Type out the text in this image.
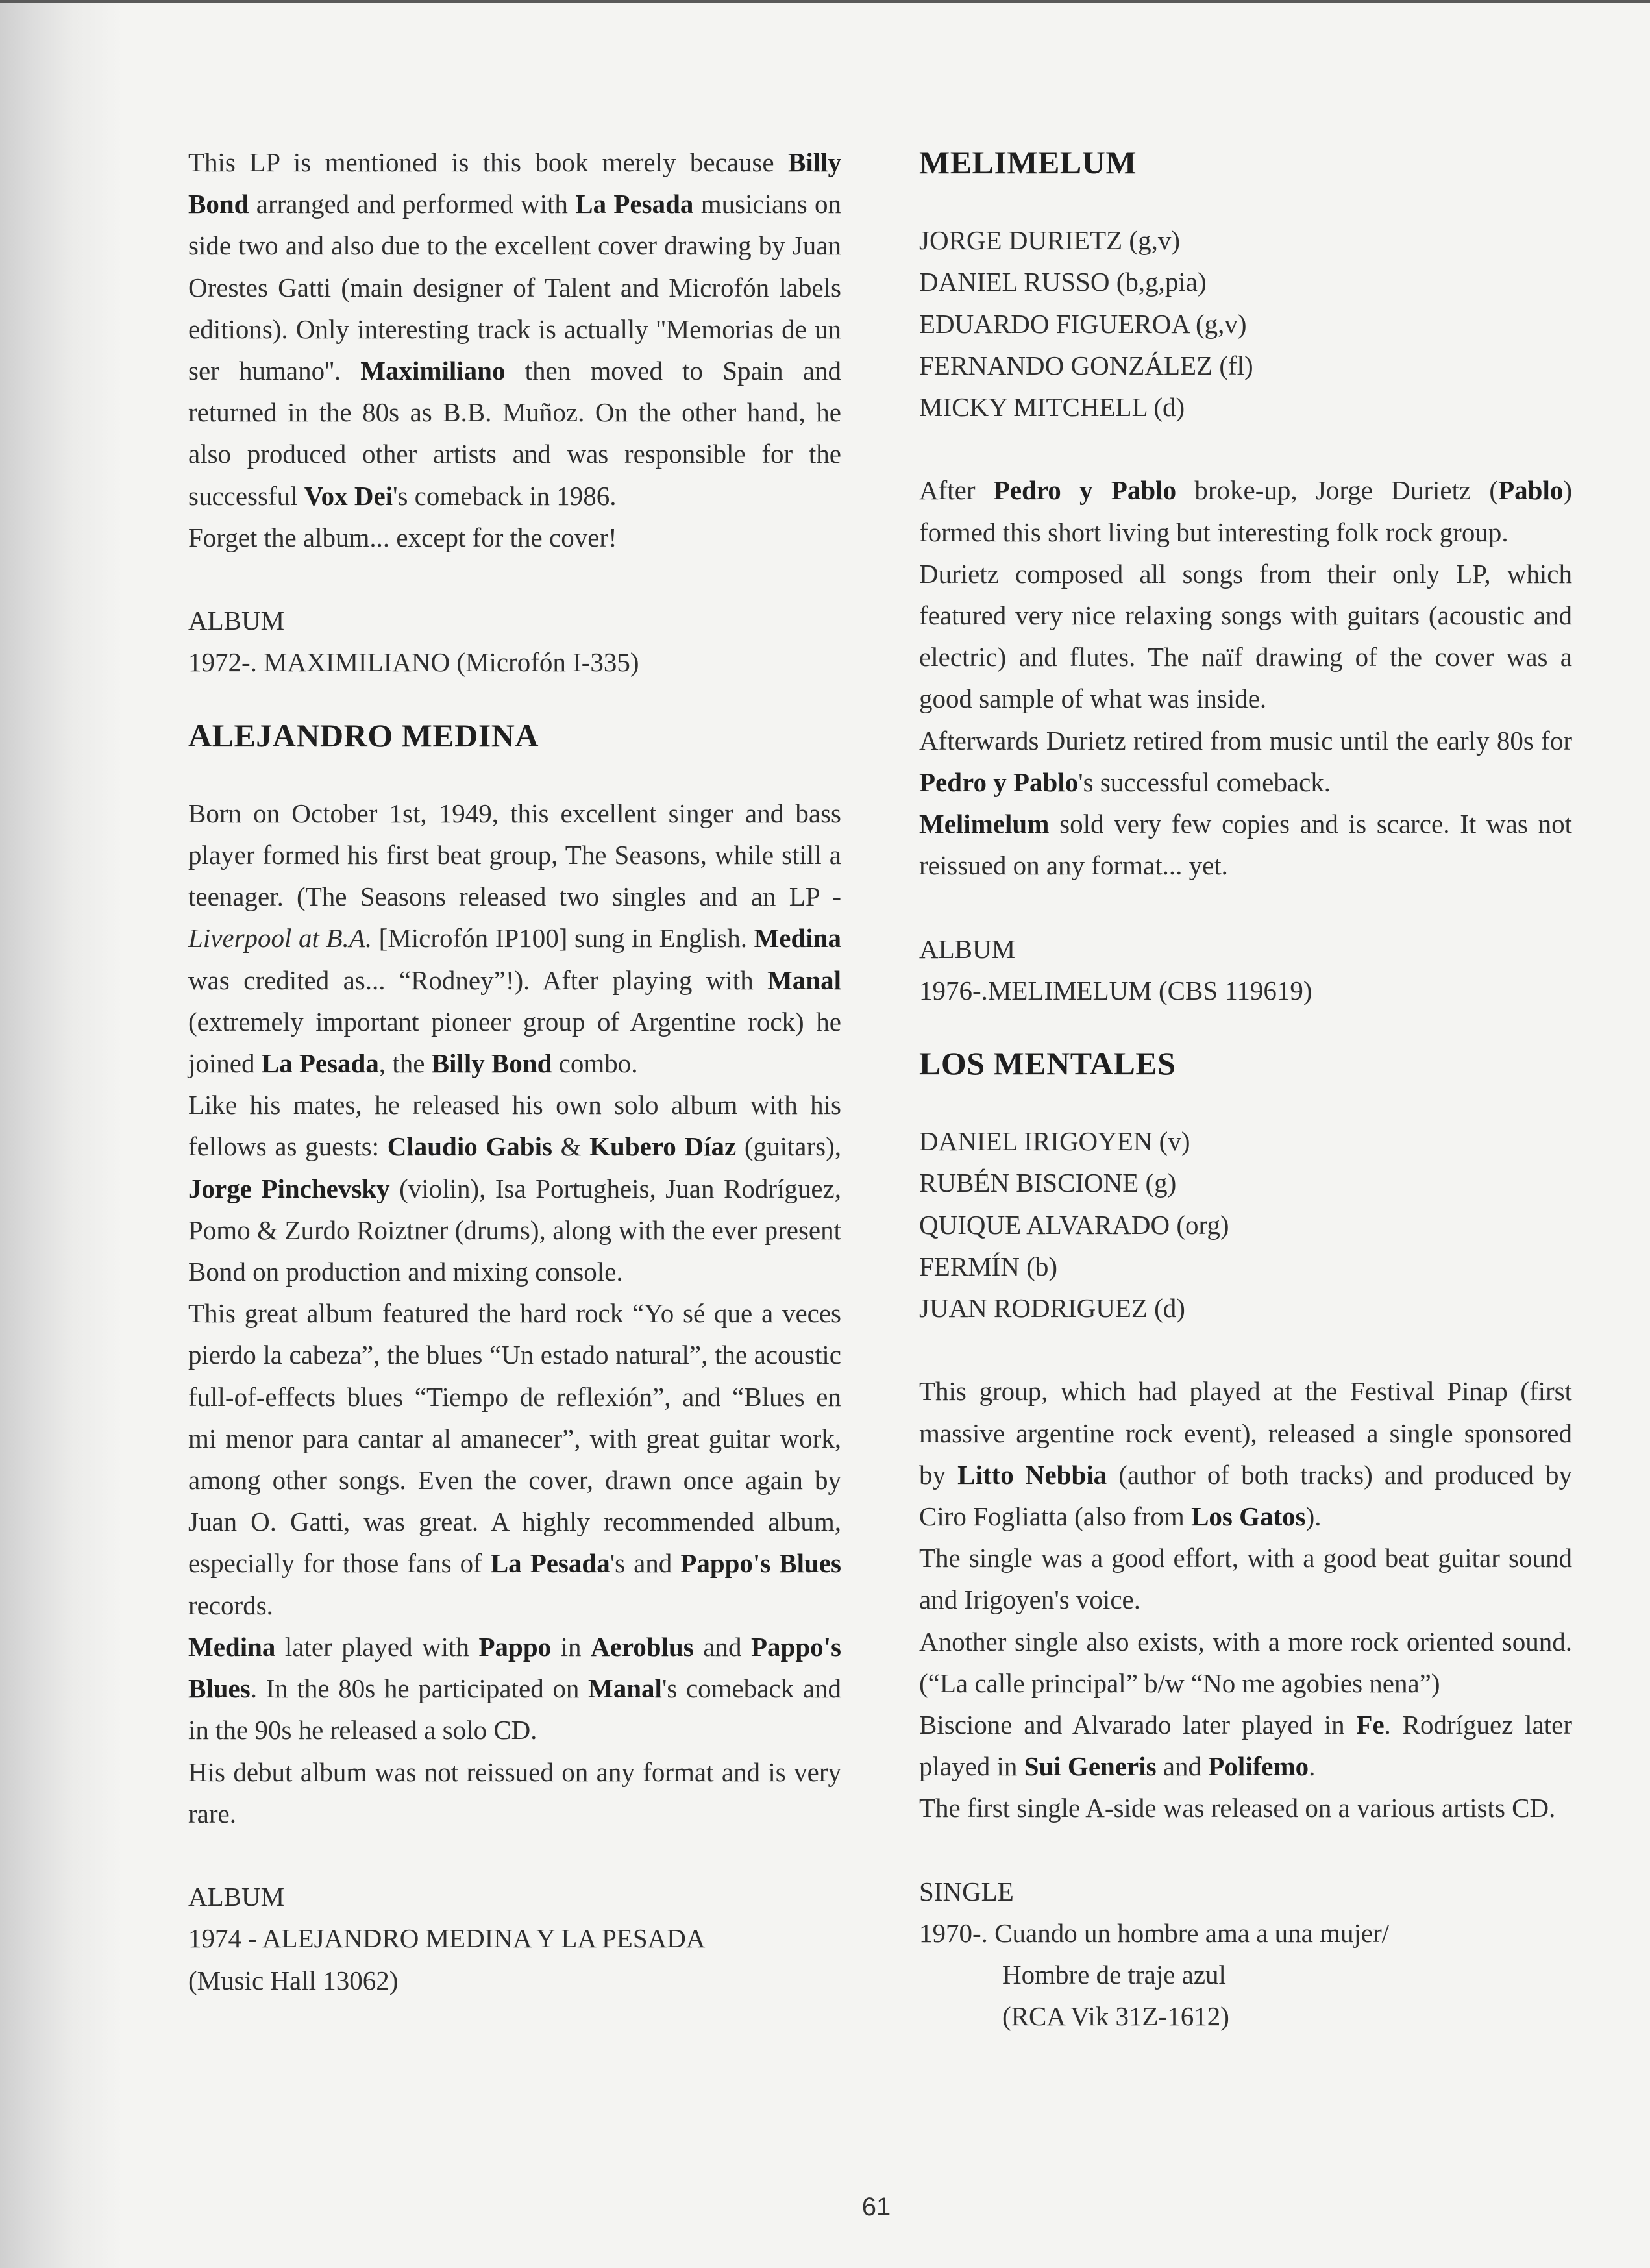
This LP is mentioned is this book merely because Billy Bond arranged and performed with La Pesada musicians on side two and also due to the excellent cover drawing by Juan Orestes Gatti (main designer of Talent and Microfón labels editions). Only interesting track is actually ''Memorias de un ser humano''. Maximiliano then moved to Spain and returned in the 80s as B.B. Muñoz. On the other hand, he also produced other artists and was responsible for the successful Vox Dei's comeback in 1986.

Forget the album... except for the cover!

ALBUM

1972-. MAXIMILIANO (Microfón I-335)

ALEJANDRO MEDINA

Born on October 1st, 1949, this excellent singer and bass player formed his first beat group, The Seasons, while still a teenager. (The Seasons released two singles and an LP -Liverpool at B.A. [Microfón IP100] sung in English. Medina was credited as... “Rodney”!). After playing with Manal (extremely important pioneer group of Argentine rock) he joined La Pesada, the Billy Bond combo.

Like his mates, he released his own solo album with his fellows as guests: Claudio Gabis & Kubero Díaz (guitars), Jorge Pinchevsky (violin), Isa Portugheis, Juan Rodríguez, Pomo & Zurdo Roiztner (drums), along with the ever present Bond on production and mixing console.

This great album featured the hard rock “Yo sé que a veces pierdo la cabeza”, the blues “Un estado natural”, the acoustic full-of-effects blues “Tiempo de reflexión”, and “Blues en mi menor para cantar al amanecer”, with great guitar work, among other songs. Even the cover, drawn once again by Juan O. Gatti, was great. A highly recommended album, especially for those fans of La Pesada's and Pappo's Blues records.

Medina later played with Pappo in Aeroblus and Pappo's Blues. In the 80s he participated on Manal's comeback and in the 90s he released a solo CD.

His debut album was not reissued on any format and is very rare.

ALBUM

1974 - ALEJANDRO MEDINA Y LA PESADA

(Music Hall 13062)

MELIMELUM

JORGE DURIETZ (g,v)

DANIEL RUSSO (b,g,pia)

EDUARDO FIGUEROA (g,v)

FERNANDO GONZÁLEZ (fl)

MICKY MITCHELL (d)

After Pedro y Pablo broke-up, Jorge Durietz (Pablo) formed this short living but interesting folk rock group.

Durietz composed all songs from their only LP, which featured very nice relaxing songs with guitars (acoustic and electric) and flutes. The naïf drawing of the cover was a good sample of what was inside.

Afterwards Durietz retired from music until the early 80s for Pedro y Pablo's successful comeback.

Melimelum sold very few copies and is scarce. It was not reissued on any format... yet.

ALBUM

1976-.MELIMELUM (CBS 119619)

LOS MENTALES

DANIEL IRIGOYEN (v)

RUBÉN BISCIONE (g)

QUIQUE ALVARADO (org)

FERMÍN (b)

JUAN RODRIGUEZ (d)

This group, which had played at the Festival Pinap (first massive argentine rock event), released a single sponsored by Litto Nebbia (author of both tracks) and produced by Ciro Fogliatta (also from Los Gatos).

The single was a good effort, with a good beat guitar sound and Irigoyen's voice.

Another single also exists, with a more rock oriented sound. (“La calle principal” b/w “No me agobies nena”)

Biscione and Alvarado later played in Fe. Rodríguez later played in Sui Generis and Polifemo.

The first single A-side was released on a various artists CD.

SINGLE

1970-. Cuando un hombre ama a una mujer/

Hombre de traje azul

(RCA Vik 31Z-1612)

61
